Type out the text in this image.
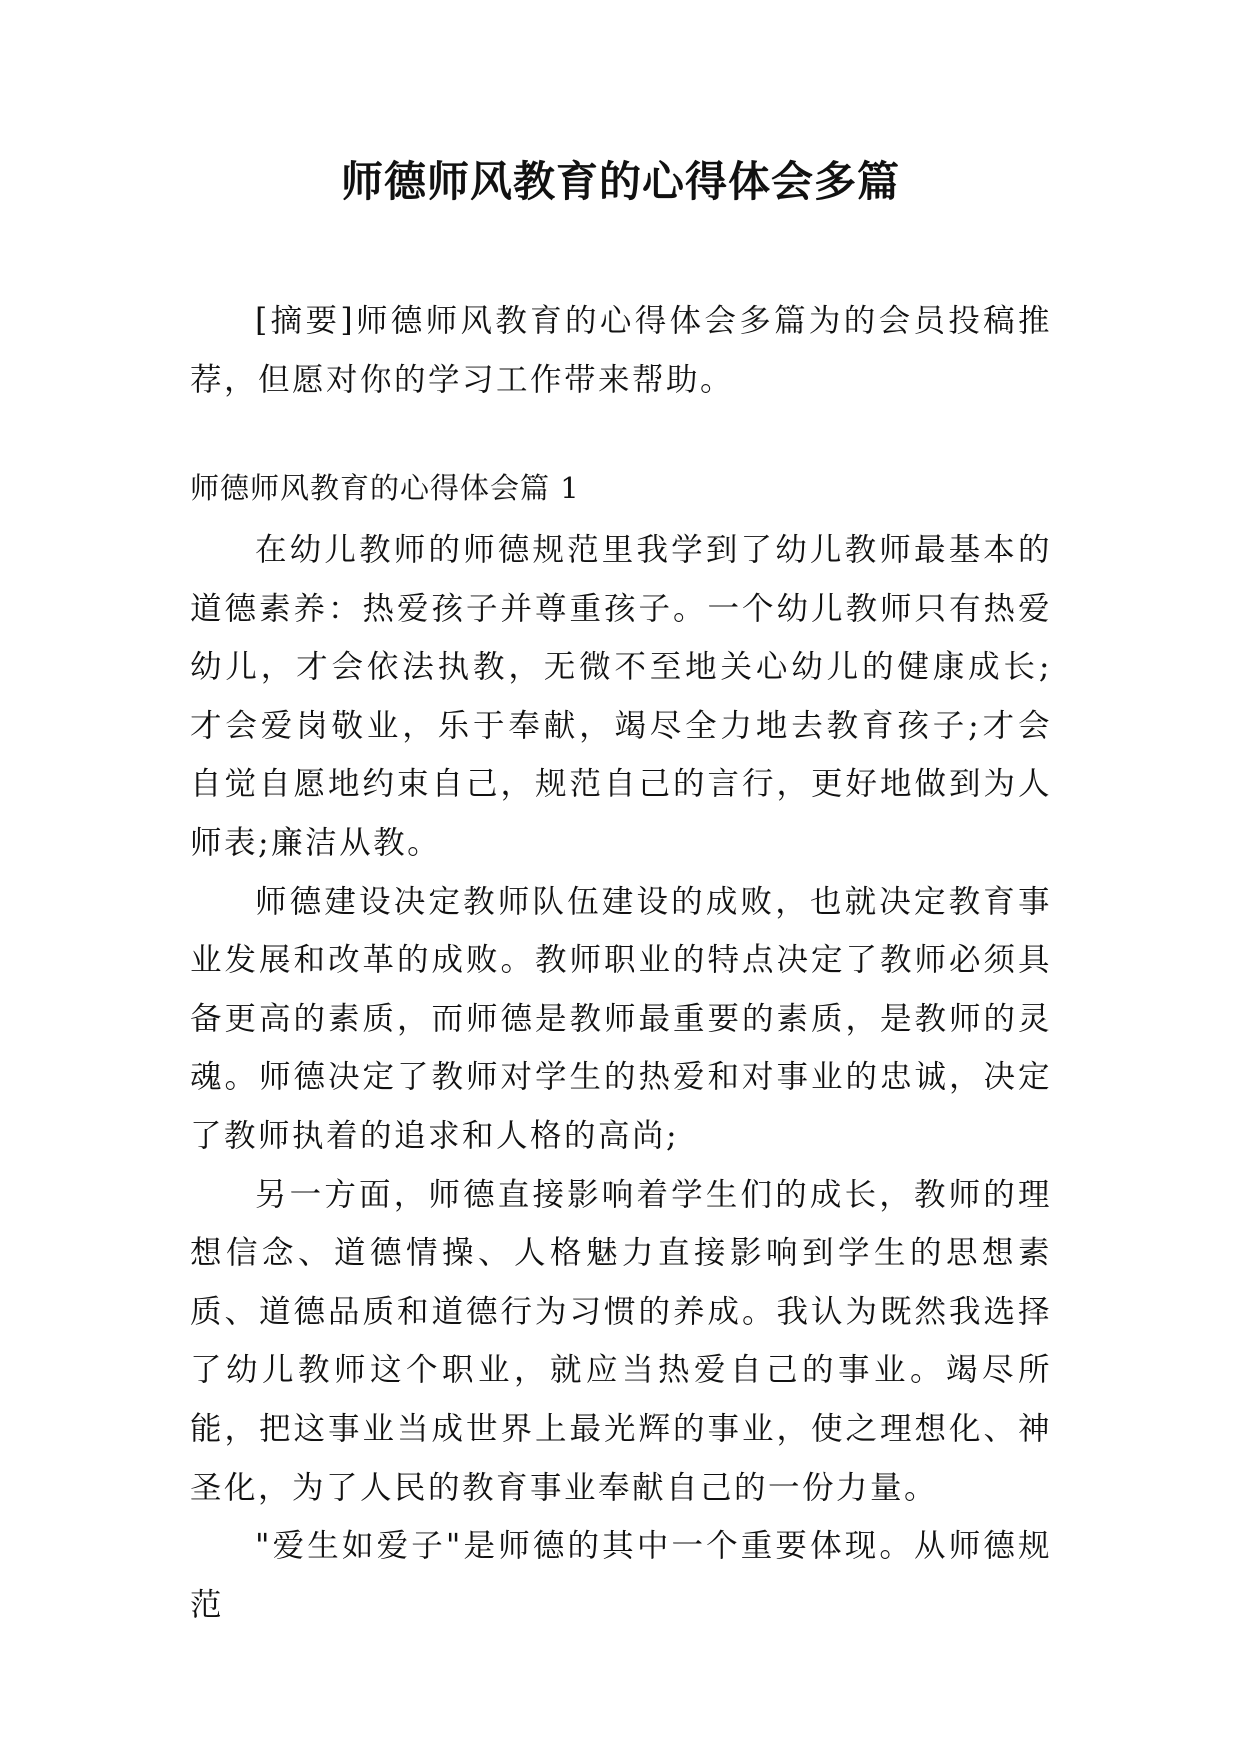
师德师风教育的心得体会多篇

[摘要]师德师风教育的心得体会多篇为的会员投稿推荐，但愿对你的学习工作带来帮助。

师德师风教育的心得体会篇 1

在幼儿教师的师德规范里我学到了幼儿教师最基本的道德素养：热爱孩子并尊重孩子。一个幼儿教师只有热爱幼儿，才会依法执教，无微不至地关心幼儿的健康成长;才会爱岗敬业，乐于奉献，竭尽全力地去教育孩子;才会自觉自愿地约束自己，规范自己的言行，更好地做到为人师表;廉洁从教。

师德建设决定教师队伍建设的成败，也就决定教育事业发展和改革的成败。教师职业的特点决定了教师必须具备更高的素质，而师德是教师最重要的素质，是教师的灵魂。师德决定了教师对学生的热爱和对事业的忠诚，决定了教师执着的追求和人格的高尚;

另一方面，师德直接影响着学生们的成长，教师的理想信念、道德情操、人格魅力直接影响到学生的思想素质、道德品质和道德行为习惯的养成。我认为既然我选择了幼儿教师这个职业，就应当热爱自己的事业。竭尽所能，把这事业当成世界上最光辉的事业，使之理想化、神圣化，为了人民的教育事业奉献自己的一份力量。

"爱生如爱子"是师德的其中一个重要体现。从师德规范
